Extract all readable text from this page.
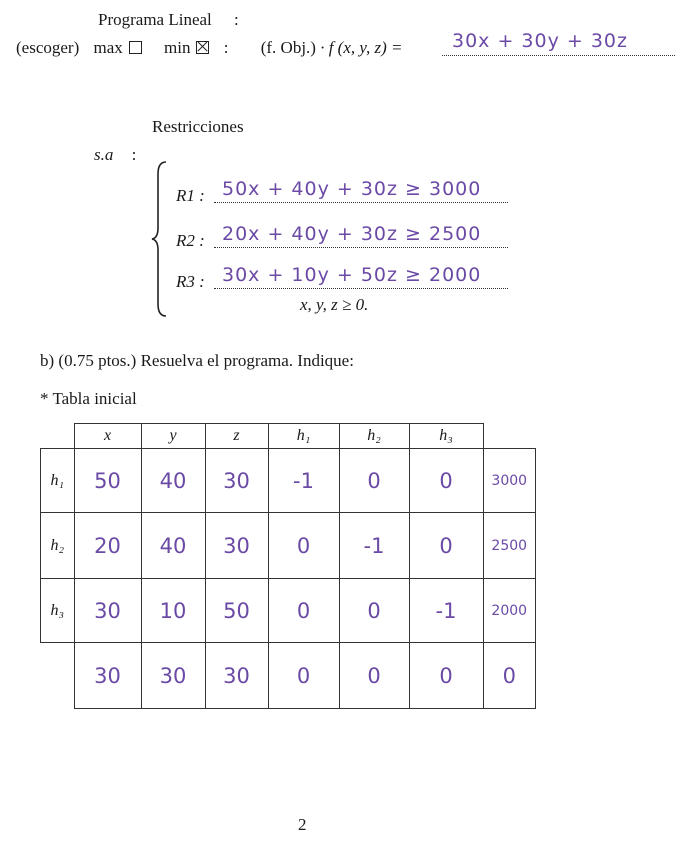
Programa Lineal :
(escoger) max min : (f. Obj.) · f (x, y, z) =	30x + 30y + 30z
Restricciones
s.a :
R1 : 50x + 40y + 30z ≥ 3000
R2 : 20x + 40y + 30z ≥ 2500
R3 : 30x + 10y + 50z ≥ 2000
x, y, z ≥ 0.
b) (0.75 ptos.) Resuelva el programa. Indique:
* Tabla inicial
	x	y	z	h₁	h₂	h₃	
h₁	50	40	30	-1	0	0	3000
h₂	20	40	30	0	-1	0	2500
h₃	30	10	50	0	0	-1	2000
	30	30	30	0	0	0	0
2
